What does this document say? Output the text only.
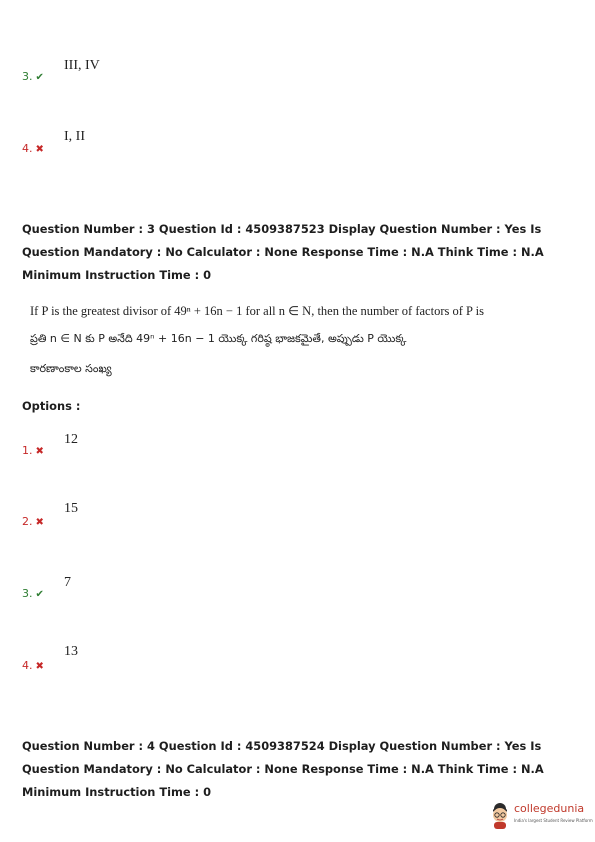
3. ✔
III, IV
4. ✖
I, II
Question Number : 3 Question Id : 4509387523 Display Question Number : Yes Is Question Mandatory : No Calculator : None Response Time : N.A Think Time : N.A Minimum Instruction Time : 0
If P is the greatest divisor of 49ⁿ + 16n − 1 for all n ∈ N, then the number of factors of P is
ప్రతి n ∈ N కు P అనేది 49ⁿ + 16n − 1 యొక్క గరిష్ఠ భాజకమైతే, అప్పుడు P యొక్క
కారణాంకాల సంఖ్య
Options :
1. ✖
12
2. ✖
15
3. ✔
7
4. ✖
13
Question Number : 4 Question Id : 4509387524 Display Question Number : Yes Is Question Mandatory : No Calculator : None Response Time : N.A Think Time : N.A Minimum Instruction Time : 0
collegedunia
India's largest Student Review Platform
